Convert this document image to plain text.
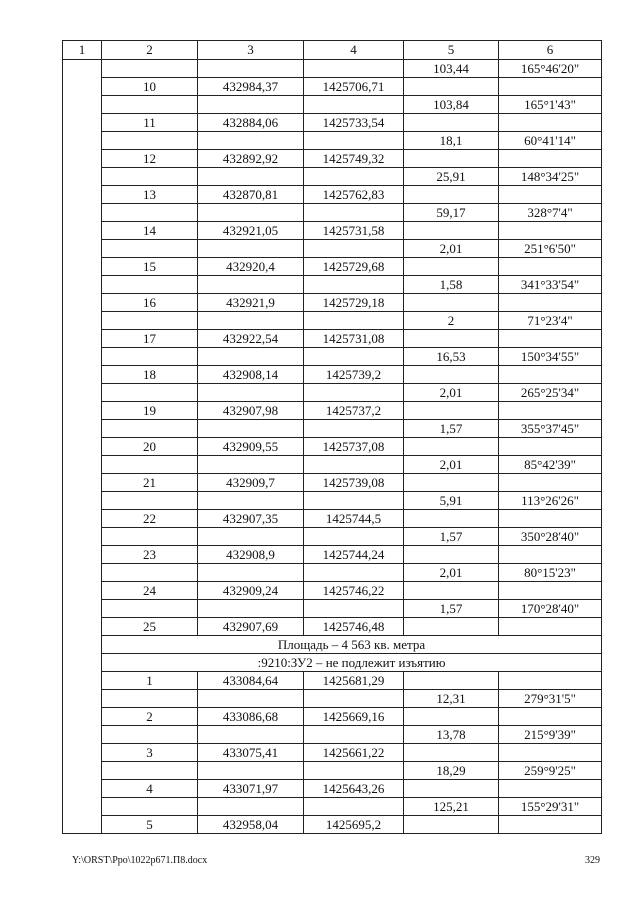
1	2	3	4	5	6
				103,44	165°46'20"
	10	432984,37	1425706,71		
				103,84	165°1'43"
	11	432884,06	1425733,54		
				18,1	60°41'14"
	12	432892,92	1425749,32		
				25,91	148°34'25"
	13	432870,81	1425762,83		
				59,17	328°7'4"
	14	432921,05	1425731,58		
				2,01	251°6'50"
	15	432920,4	1425729,68		
				1,58	341°33'54"
	16	432921,9	1425729,18		
				2	71°23'4"
	17	432922,54	1425731,08		
				16,53	150°34'55"
	18	432908,14	1425739,2		
				2,01	265°25'34"
	19	432907,98	1425737,2		
				1,57	355°37'45"
	20	432909,55	1425737,08		
				2,01	85°42'39"
	21	432909,7	1425739,08		
				5,91	113°26'26"
	22	432907,35	1425744,5		
				1,57	350°28'40"
	23	432908,9	1425744,24		
				2,01	80°15'23"
	24	432909,24	1425746,22		
				1,57	170°28'40"
	25	432907,69	1425746,48		
	Площадь – 4 563 кв. метра				
	:9210:ЗУ2 – не подлежит изъятию				
	1	433084,64	1425681,29		
				12,31	279°31'5"
	2	433086,68	1425669,16		
				13,78	215°9'39"
	3	433075,41	1425661,22		
				18,29	259°9'25"
	4	433071,97	1425643,26		
				125,21	155°29'31"
	5	432958,04	1425695,2		
Y:\ORST\Ppo\1022p671.П8.docx	329
